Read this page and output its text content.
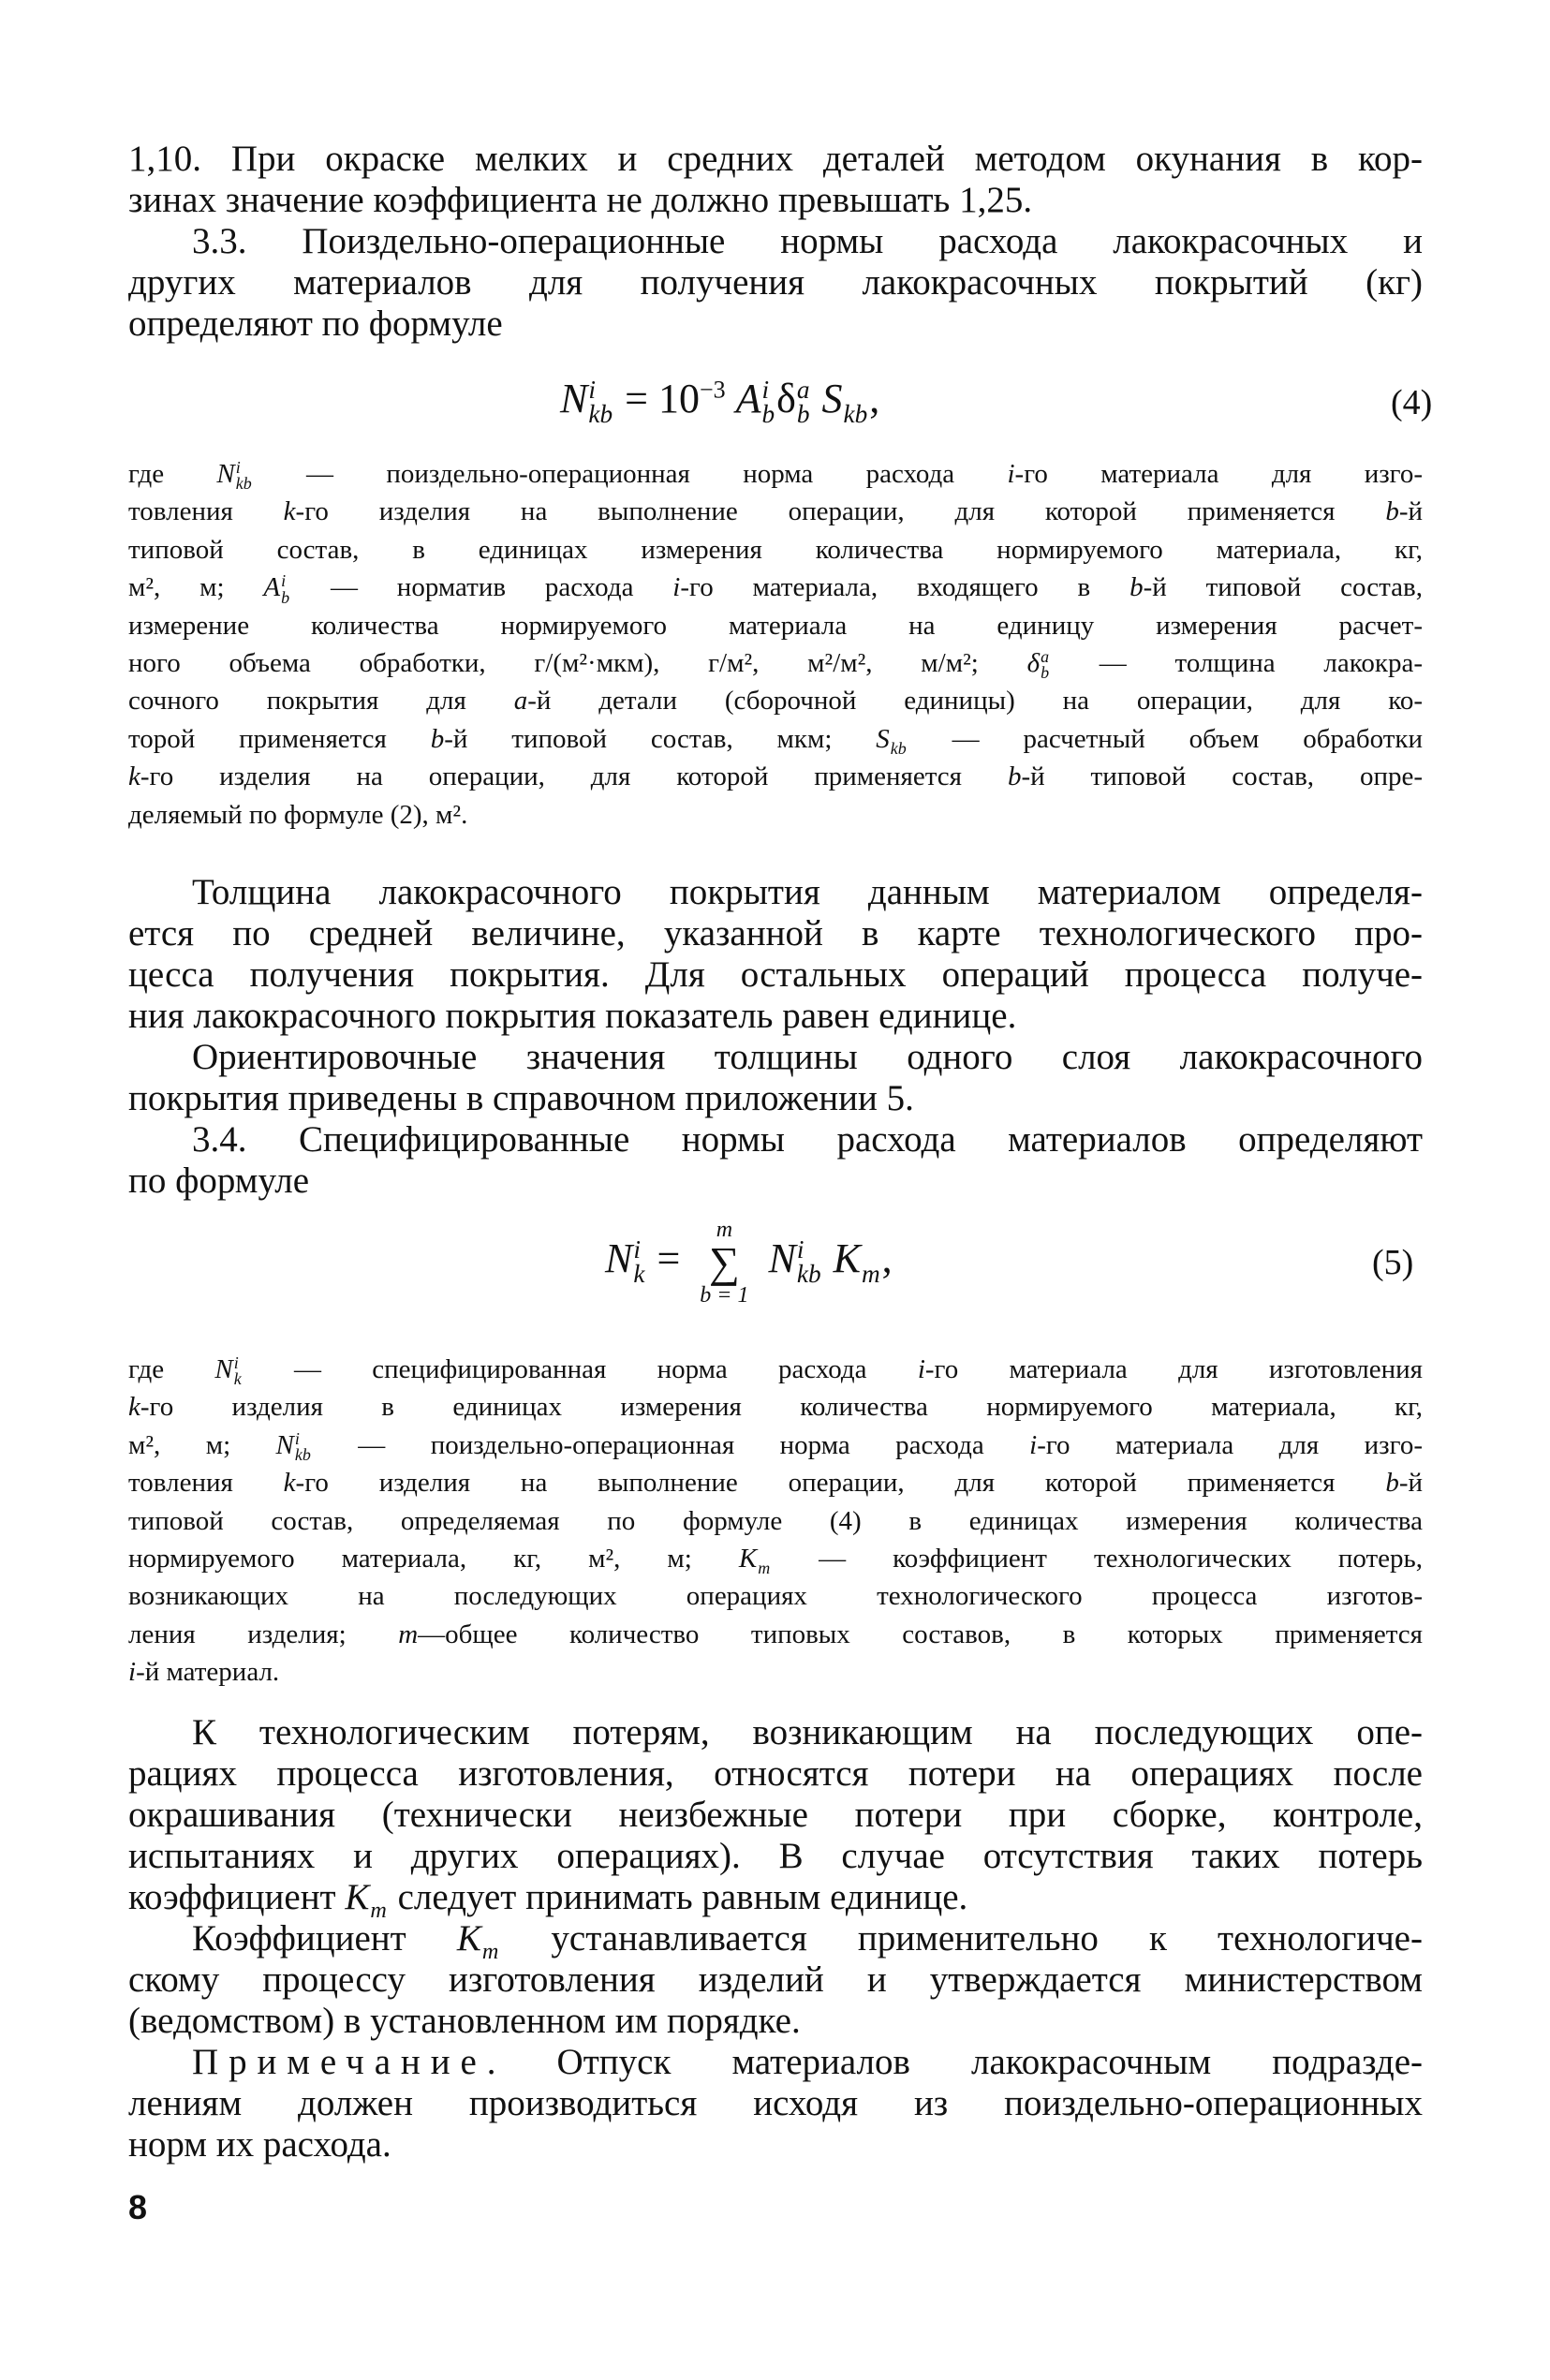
1,10. При окраске мелких и средних деталей методом окунания в кор-
зинах значение коэффициента не должно превышать 1,25.
3.3. Поиздельно-операционные нормы расхода лакокрасочных и
других материалов для получения лакокрасочных покрытий (кг)
определяют по формуле
N i
kb = $10^{-3}$ A i
b δ a
b S kb ,	(4)
где N i
kb — поиздельно-операционная норма расхода i-го материала для изго-
товления k-го изделия на выполнение операции, для которой применяется b-й
типовой состав, в единицах измерения количества нормируемого материала, кг,
м², м; A i
b — норматив расхода i-го материала, входящего в b-й типовой состав,
измерение количества нормируемого материала на единицу измерения расчет-
ного объема обработки, г/(м²·мкм), г/м², м²/м², м/м²; δ a
b — толщина лакокра-
сочного покрытия для a-й детали (сборочной единицы) на операции, для ко-
торой применяется b-й типовой состав, мкм; S kb — расчетный объем обработки
k-го изделия на операции, для которой применяется b-й типовой состав, опре-
деляемый по формуле (2), м².
Толщина лакокрасочного покрытия данным материалом определя-
ется по средней величине, указанной в карте технологического про-
цесса получения покрытия. Для остальных операций процесса получе-
ния лакокрасочного покрытия показатель равен единице.
Ориентировочные значения толщины одного слоя лакокрасочного
покрытия приведены в справочном приложении 5.
3.4. Специфицированные нормы расхода материалов определяют
по формуле
N i
k =
m
∑
b = 1
N i
kb K т ,	(5)
где N i
k — специфицированная норма расхода i-го материала для изготовления
k-го изделия в единицах измерения количества нормируемого материала, кг,
м², м; N i
kb — поиздельно-операционная норма расхода i-го материала для изго-
товления k-го изделия на выполнение операции, для которой применяется b-й
типовой состав, определяемая по формуле (4) в единицах измерения количества
нормируемого материала, кг, м², м; K т — коэффициент технологических потерь,
возникающих на последующих операциях технологического процесса изготов-
ления изделия; m—общее количество типовых составов, в которых применяется
i-й материал.
К технологическим потерям, возникающим на последующих опе-
рациях процесса изготовления, относятся потери на операциях после
окрашивания (технически неизбежные потери при сборке, контроле,
испытаниях и других операциях). В случае отсутствия таких потерь
коэффициент K т следует принимать равным единице.
Коэффициент K т устанавливается применительно к технологиче-
скому процессу изготовления изделий и утверждается министерством
(ведомством) в установленном им порядке.
Примечание. Отпуск материалов лакокрасочным подразде-
лениям должен производиться исходя из поиздельно-операционных
норм их расхода.
8
